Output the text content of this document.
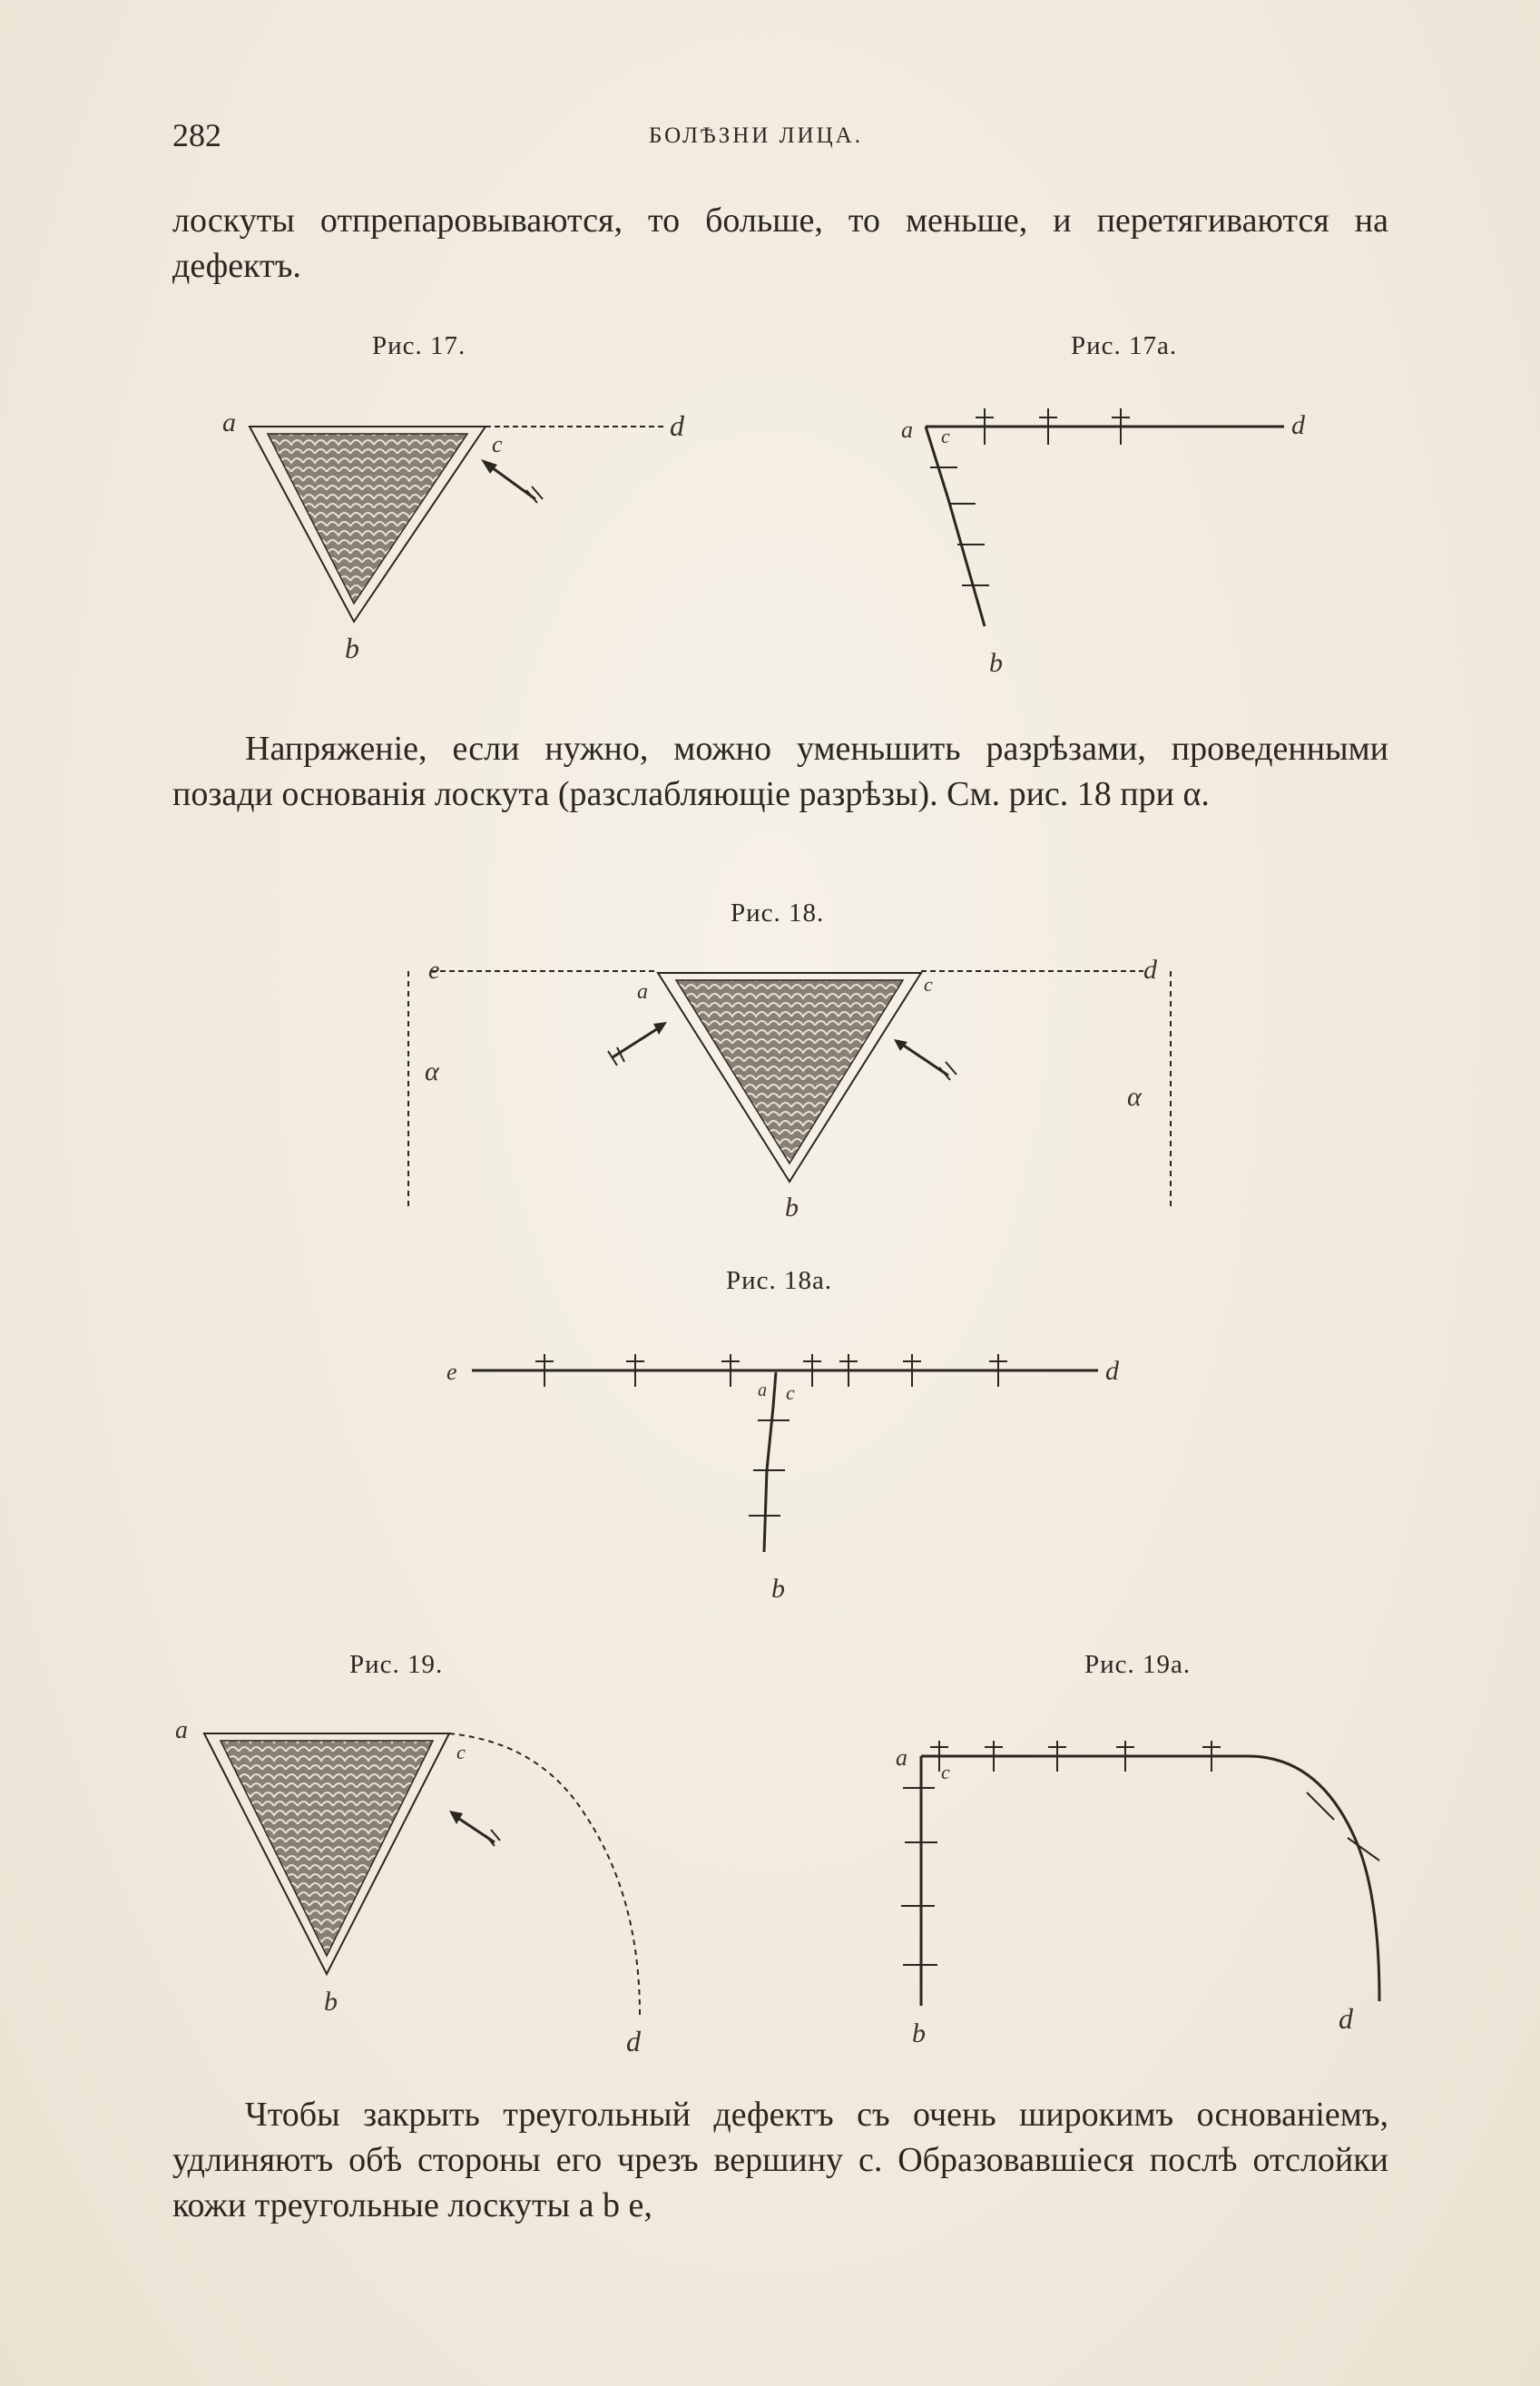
282	БОЛѢЗНИ ЛИЦА.

лоскуты отпрепаровываются, то больше, то меньше, и перетягиваются на дефектъ.

Рис. 17.
a
c
d
b
Рис. 17a.
a c	d
b

Напряженіе, если нужно, можно уменьшить разрѣзами, проведенными позади основанія лоскута (разслабляющіе разрѣзы). См. рис. 18 при α.

Рис. 18.
e
a	c	d
b
α
α
Рис. 18a.
e
a c
d
b
Рис. 19.
a
c
b
d
Рис. 19a.
a
c
b	d

Чтобы закрыть треугольный дефектъ съ очень широкимъ основаніемъ, удлиняютъ обѣ стороны его чрезъ вершину с. Образовавшіеся послѣ отслойки кожи треугольные лоскуты a b e,
